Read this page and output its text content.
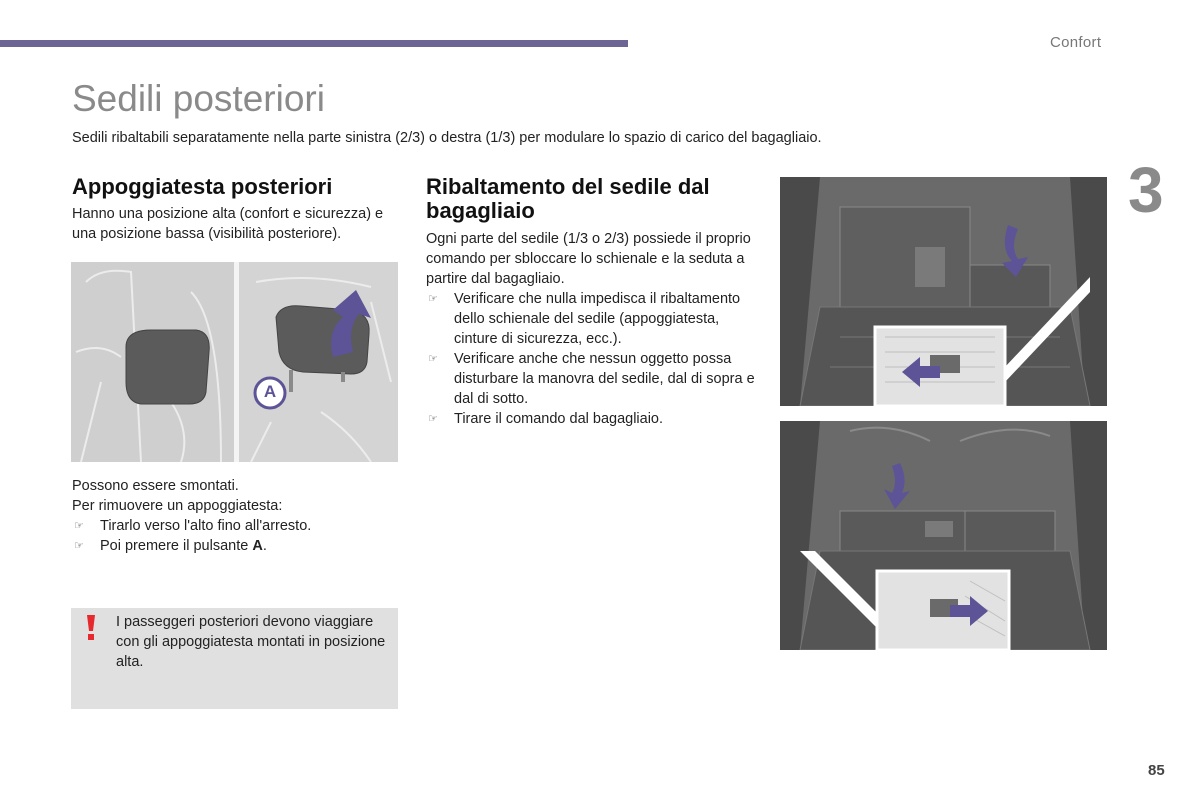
Confort
3
Sedili posteriori
Sedili ribaltabili separatamente nella parte sinistra (2/3) o destra (1/3) per modulare lo spazio di carico del bagagliaio.
Appoggiatesta posteriori
Hanno una posizione alta (confort e sicurezza) e una posizione bassa (visibilità posteriore).
A
Possono essere smontati.
Per rimuovere un appoggiatesta:
☞ Tirarlo verso l'alto fino all'arresto.
☞ Poi premere il pulsante A.
I passeggeri posteriori devono viaggiare con gli appoggiatesta montati in posizione alta.
Ribaltamento del sedile dal bagagliaio
Ogni parte del sedile (1/3 o 2/3) possiede il proprio comando per sbloccare lo schienale e la seduta a partire dal bagagliaio.
☞ Verificare che nulla impedisca il ribaltamento dello schienale del sedile (appoggiatesta, cinture di sicurezza, ecc.).
☞ Verificare anche che nessun oggetto possa disturbare la manovra del sedile, dal di sopra e dal di sotto.
☞ Tirare il comando dal bagagliaio.
85
